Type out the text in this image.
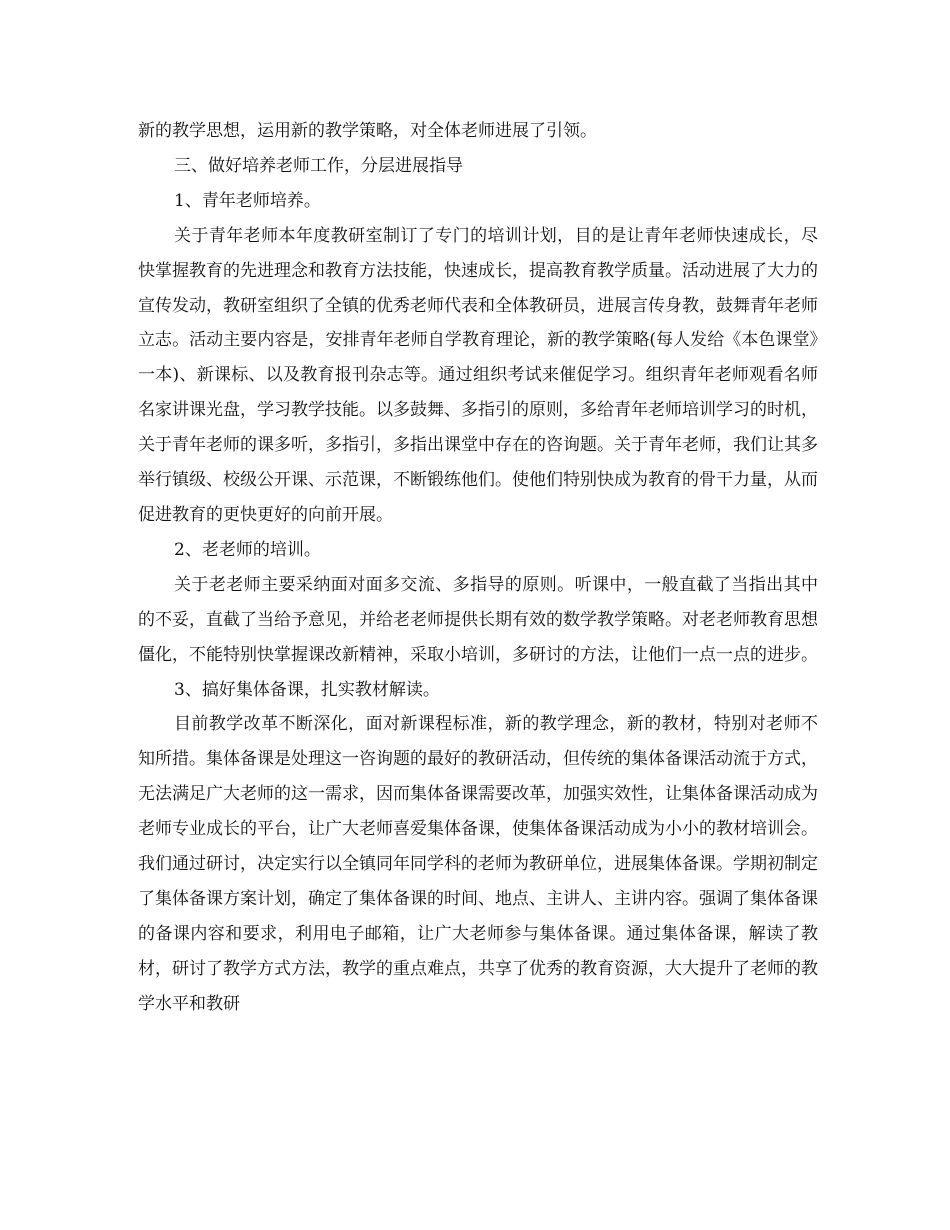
新的教学思想，运用新的教学策略，对全体老师进展了引领。

三、做好培养老师工作，分层进展指导

1、青年老师培养。

关于青年老师本年度教研室制订了专门的培训计划，目的是让青年老师快速成长，尽快掌握教育的先进理念和教育方法技能，快速成长，提高教育教学质量。活动进展了大力的宣传发动，教研室组织了全镇的优秀老师代表和全体教研员，进展言传身教，鼓舞青年老师立志。活动主要内容是，安排青年老师自学教育理论，新的教学策略(每人发给《本色课堂》一本)、新课标、以及教育报刊杂志等。通过组织考试来催促学习。组织青年老师观看名师名家讲课光盘，学习教学技能。以多鼓舞、多指引的原则，多给青年老师培训学习的时机，关于青年老师的课多听，多指引，多指出课堂中存在的咨询题。关于青年老师，我们让其多举行镇级、校级公开课、示范课，不断锻练他们。使他们特别快成为教育的骨干力量，从而促进教育的更快更好的向前开展。

2、老老师的培训。

关于老老师主要采纳面对面多交流、多指导的原则。听课中，一般直截了当指出其中的不妥，直截了当给予意见，并给老老师提供长期有效的数学教学策略。对老老师教育思想僵化，不能特别快掌握课改新精神，采取小培训，多研讨的方法，让他们一点一点的进步。

3、搞好集体备课，扎实教材解读。

目前教学改革不断深化，面对新课程标准，新的教学理念，新的教材，特别对老师不知所措。集体备课是处理这一咨询题的最好的教研活动，但传统的集体备课活动流于方式，无法满足广大老师的这一需求，因而集体备课需要改革，加强实效性，让集体备课活动成为老师专业成长的平台，让广大老师喜爱集体备课，使集体备课活动成为小小的教材培训会。我们通过研讨，决定实行以全镇同年同学科的老师为教研单位，进展集体备课。学期初制定了集体备课方案计划，确定了集体备课的时间、地点、主讲人、主讲内容。强调了集体备课的备课内容和要求，利用电子邮箱，让广大老师参与集体备课。通过集体备课，解读了教材，研讨了教学方式方法，教学的重点难点，共享了优秀的教育资源，大大提升了老师的教学水平和教研
